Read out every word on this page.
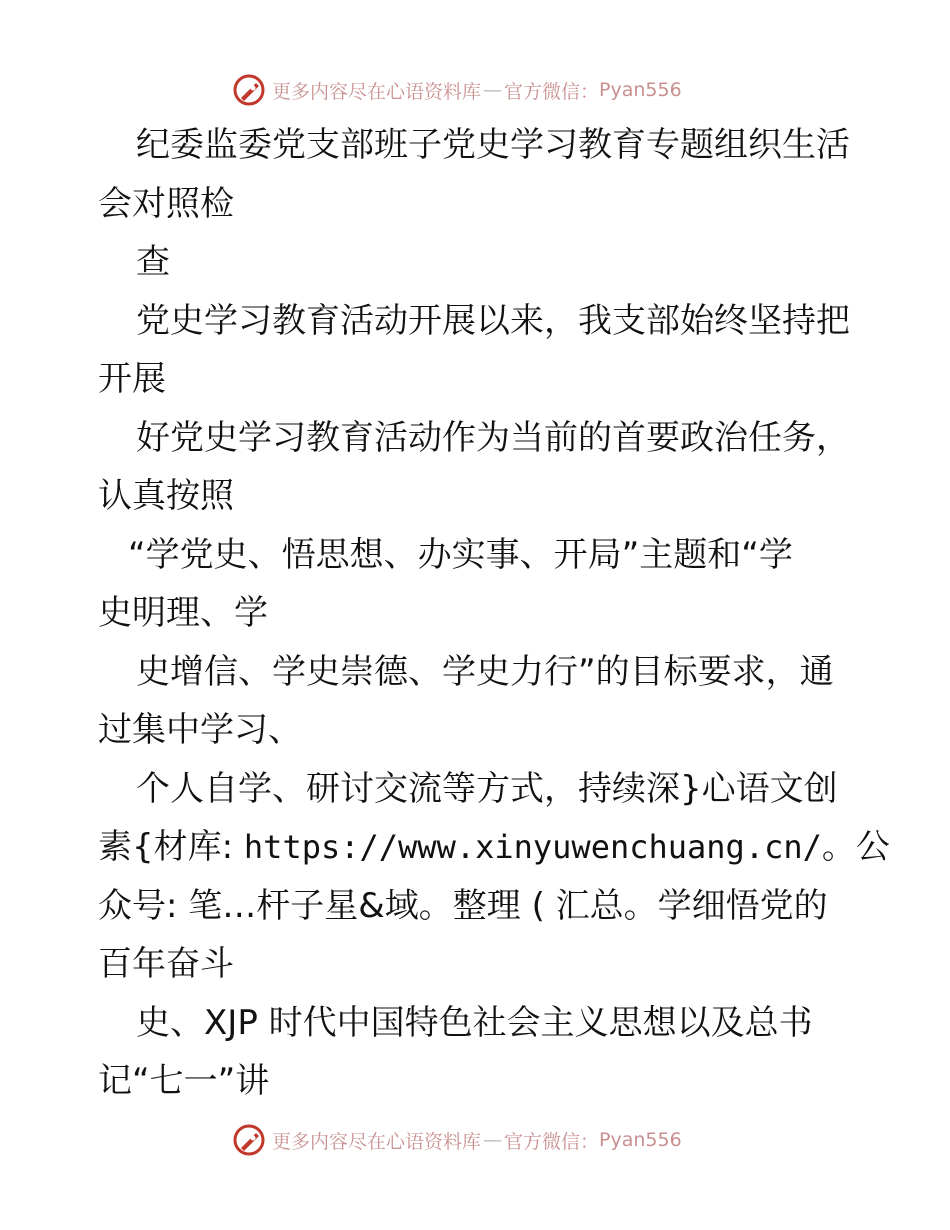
更多内容尽在心语资料库 — 官方微信： Pyan556
纪委监委党支部班子党史学习教育专题组织生活
会对照检
查
党史学习教育活动开展以来，我支部始终坚持把
开展
好党史学习教育活动作为当前的首要政治任务，
认真按照
“学党史、悟思想、办实事、开局”主题和“学
史明理、学
史增信、学史崇德、学史力行”的目标要求，通
过集中学习、
个人自学、研讨交流等方式，持续深}心语文创
素{材库: https://www.xinyuwenchuang.cn/。公
众号: 笔…杆子星&域。整理 ( 汇总。学细悟党的
百年奋斗
史、XJP 时代中国特色社会主义思想以及总书
记“七一”讲
更多内容尽在心语资料库 — 官方微信： Pyan556
